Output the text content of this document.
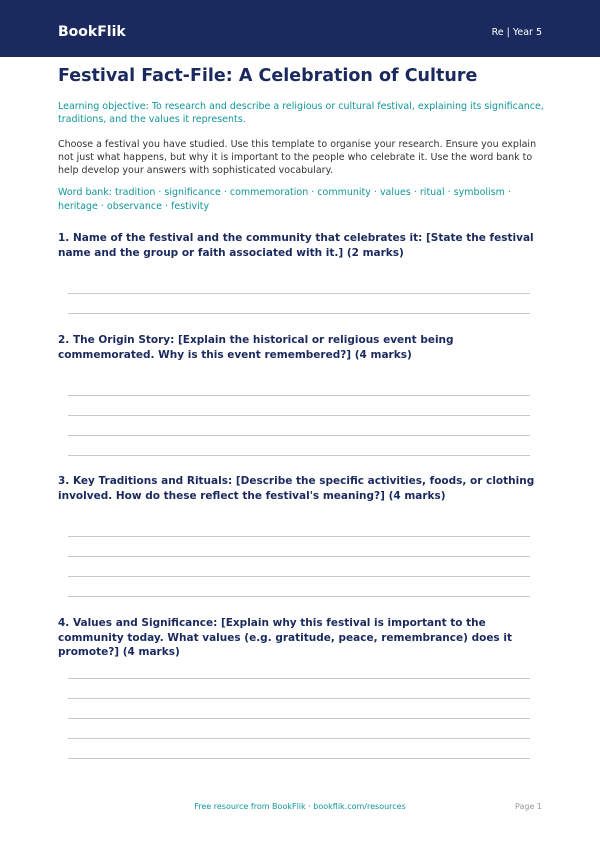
BookFlik	Re | Year 5
Festival Fact-File: A Celebration of Culture

Learning objective: To research and describe a religious or cultural festival, explaining its significance, traditions, and the values it represents.

Choose a festival you have studied. Use this template to organise your research. Ensure you explain not just what happens, but why it is important to the people who celebrate it. Use the word bank to help develop your answers with sophisticated vocabulary.

Word bank: tradition · significance · commemoration · community · values · ritual · symbolism · heritage · observance · festivity

1. Name of the festival and the community that celebrates it: [State the festival name and the group or faith associated with it.] (2 marks)

2. The Origin Story: [Explain the historical or religious event being commemorated. Why is this event remembered?] (4 marks)

3. Key Traditions and Rituals: [Describe the specific activities, foods, or clothing involved. How do these reflect the festival's meaning?] (4 marks)

4. Values and Significance: [Explain why this festival is important to the community today. What values (e.g. gratitude, peace, remembrance) does it promote?] (4 marks)

Free resource from BookFlik · bookflik.com/resources	Page 1
